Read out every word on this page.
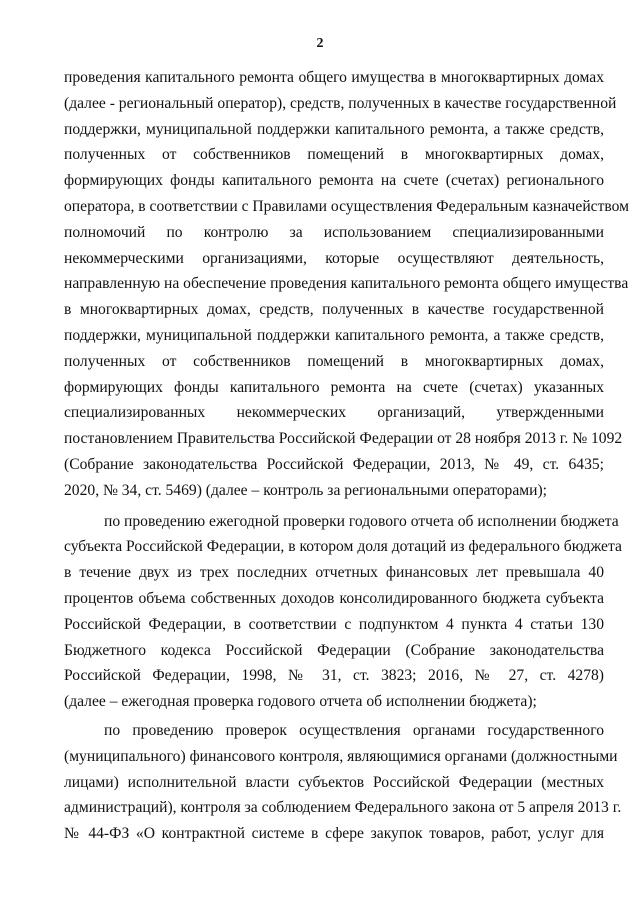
2
проведения капитального ремонта общего имущества в многоквартирных домах
(далее - региональный оператор), средств, полученных в качестве государственной
поддержки, муниципальной поддержки капитального ремонта, а также средств,
полученных от собственников помещений в многоквартирных домах,
формирующих фонды капитального ремонта на счете (счетах) регионального
оператора, в соответствии с Правилами осуществления Федеральным казначейством
полномочий по контролю за использованием специализированными
некоммерческими организациями, которые осуществляют деятельность,
направленную на обеспечение проведения капитального ремонта общего имущества
в многоквартирных домах, средств, полученных в качестве государственной
поддержки, муниципальной поддержки капитального ремонта, а также средств,
полученных от собственников помещений в многоквартирных домах,
формирующих фонды капитального ремонта на счете (счетах) указанных
специализированных некоммерческих организаций, утвержденными
постановлением Правительства Российской Федерации от 28 ноября 2013 г. № 1092
(Собрание законодательства Российской Федерации, 2013, № 49, ст. 6435;
2020, № 34, ст. 5469) (далее – контроль за региональными операторами);
по проведению ежегодной проверки годового отчета об исполнении бюджета
субъекта Российской Федерации, в котором доля дотаций из федерального бюджета
в течение двух из трех последних отчетных финансовых лет превышала 40
процентов объема собственных доходов консолидированного бюджета субъекта
Российской Федерации, в соответствии с подпунктом 4 пункта 4 статьи 130
Бюджетного кодекса Российской Федерации (Собрание законодательства
Российской Федерации, 1998, № 31, ст. 3823; 2016, № 27, ст. 4278)
(далее – ежегодная проверка годового отчета об исполнении бюджета);
по проведению проверок осуществления органами государственного
(муниципального) финансового контроля, являющимися органами (должностными
лицами) исполнительной власти субъектов Российской Федерации (местных
администраций), контроля за соблюдением Федерального закона от 5 апреля 2013 г.
№ 44-ФЗ «О контрактной системе в сфере закупок товаров, работ, услуг для
